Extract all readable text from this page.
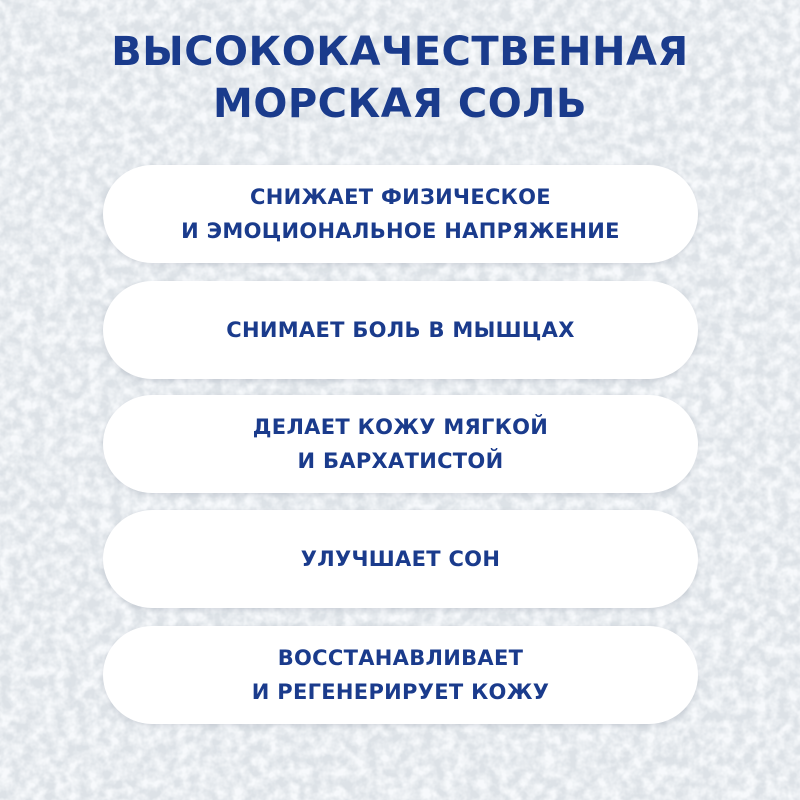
ВЫСОКОКАЧЕСТВЕННАЯ
МОРСКАЯ СОЛЬ
СНИЖАЕТ ФИЗИЧЕСКОЕ
И ЭМОЦИОНАЛЬНОЕ НАПРЯЖЕНИЕ
СНИМАЕТ БОЛЬ В МЫШЦАХ
ДЕЛАЕТ КОЖУ МЯГКОЙ
И БАРХАТИСТОЙ
УЛУЧШАЕТ СОН
ВОССТАНАВЛИВАЕТ
И РЕГЕНЕРИРУЕТ КОЖУ
